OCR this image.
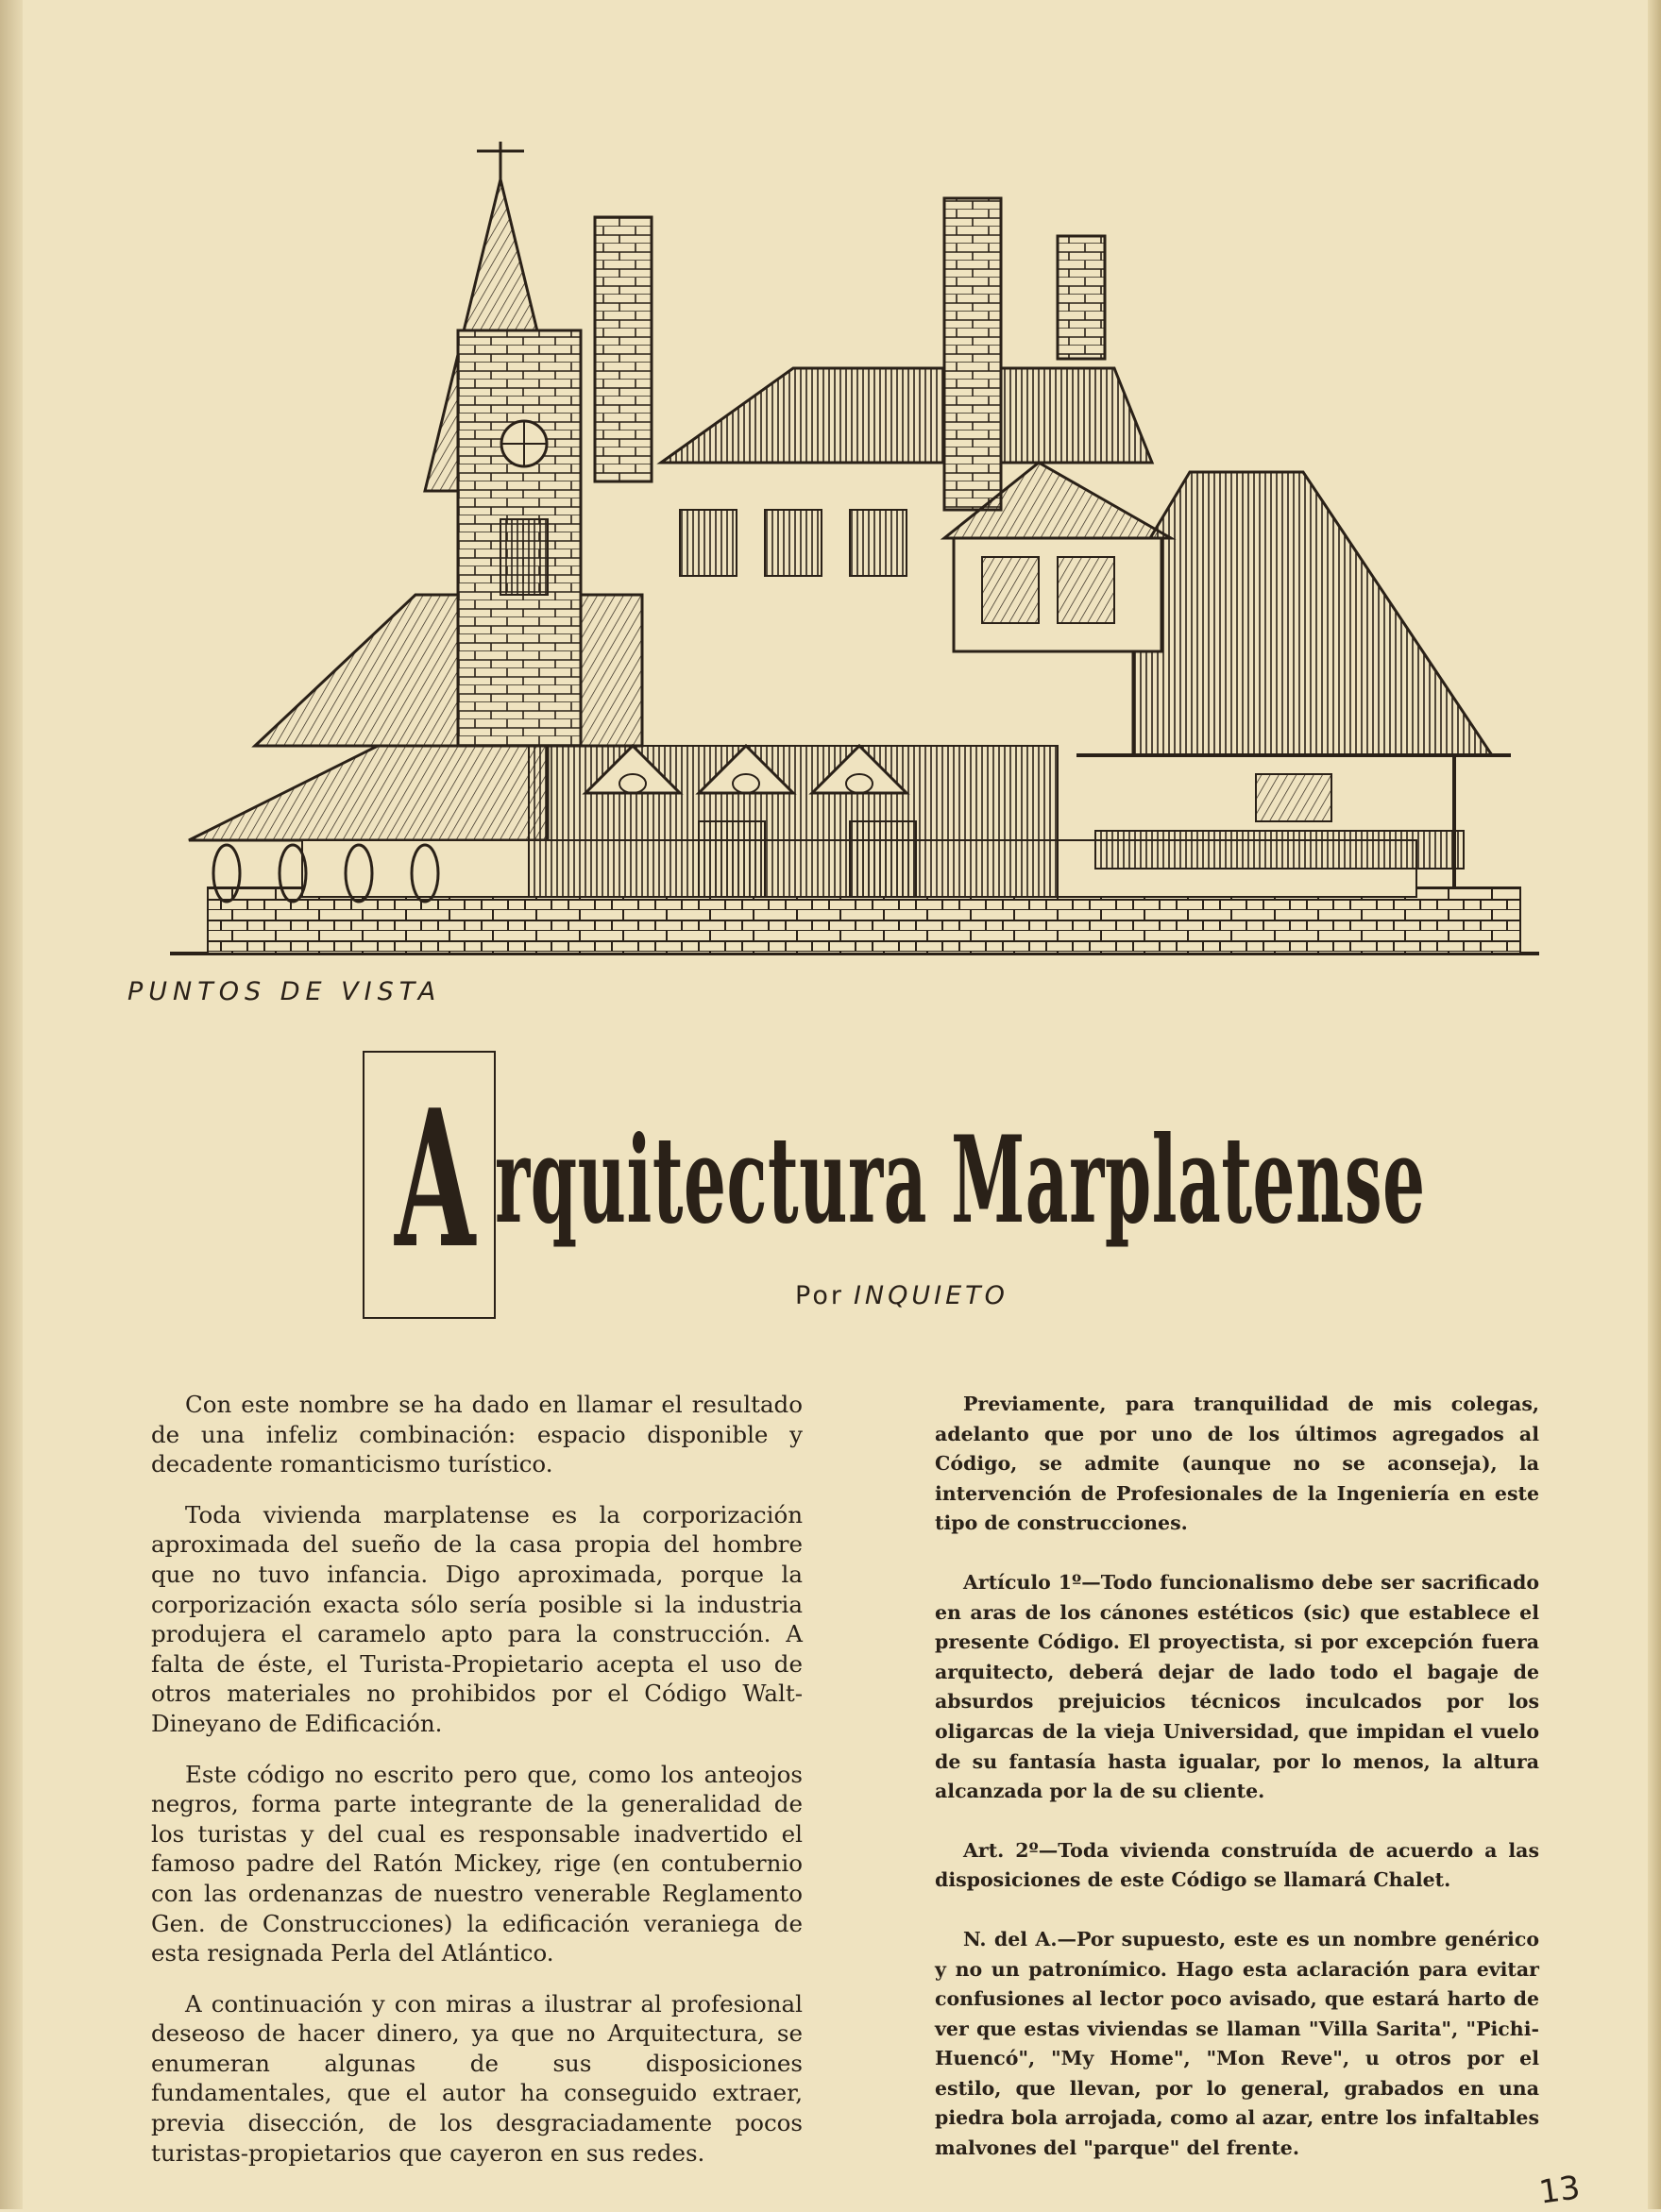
PUNTOS DE VISTA
A rquitectura Marplatense
Por INQUIETO

Con este nombre se ha dado en llamar el resultado de una infeliz combinación: espacio disponible y decadente romanticismo turístico.

Toda vivienda marplatense es la corporización aproximada del sueño de la casa propia del hombre que no tuvo infancia. Digo aproximada, porque la corporización exacta sólo sería posible si la industria produjera el caramelo apto para la construcción. A falta de éste, el Turista-Propietario acepta el uso de otros materiales no prohibidos por el Código Walt-Dineyano de Edificación.

Este código no escrito pero que, como los anteojos negros, forma parte integrante de la generalidad de los turistas y del cual es responsable inadvertido el famoso padre del Ratón Mickey, rige (en contubernio con las ordenanzas de nuestro venerable Reglamento Gen. de Construcciones) la edificación veraniega de esta resignada Perla del Atlántico.

A continuación y con miras a ilustrar al profesional deseoso de hacer dinero, ya que no Arquitectura, se enumeran algunas de sus disposiciones fundamentales, que el autor ha conseguido extraer, previa disección, de los desgraciadamente pocos turistas-propietarios que cayeron en sus redes.

Previamente, para tranquilidad de mis colegas, adelanto que por uno de los últimos agregados al Código, se admite (aunque no se aconseja), la intervención de Profesionales de la Ingeniería en este tipo de construcciones.

Artículo 1º—Todo funcionalismo debe ser sacrificado en aras de los cánones estéticos (sic) que establece el presente Código. El proyectista, si por excepción fuera arquitecto, deberá dejar de lado todo el bagaje de absurdos prejuicios técnicos inculcados por los oligarcas de la vieja Universidad, que impidan el vuelo de su fantasía hasta igualar, por lo menos, la altura alcanzada por la de su cliente.

Art. 2º—Toda vivienda construída de acuerdo a las disposiciones de este Código se llamará Chalet.

N. del A.—Por supuesto, este es un nombre genérico y no un patronímico. Hago esta aclaración para evitar confusiones al lector poco avisado, que estará harto de ver que estas viviendas se llaman "Villa Sarita", "Pichi-Huencó", "My Home", "Mon Reve", u otros por el estilo, que llevan, por lo general, grabados en una piedra bola arrojada, como al azar, entre los infaltables malvones del "parque" del frente.

13
